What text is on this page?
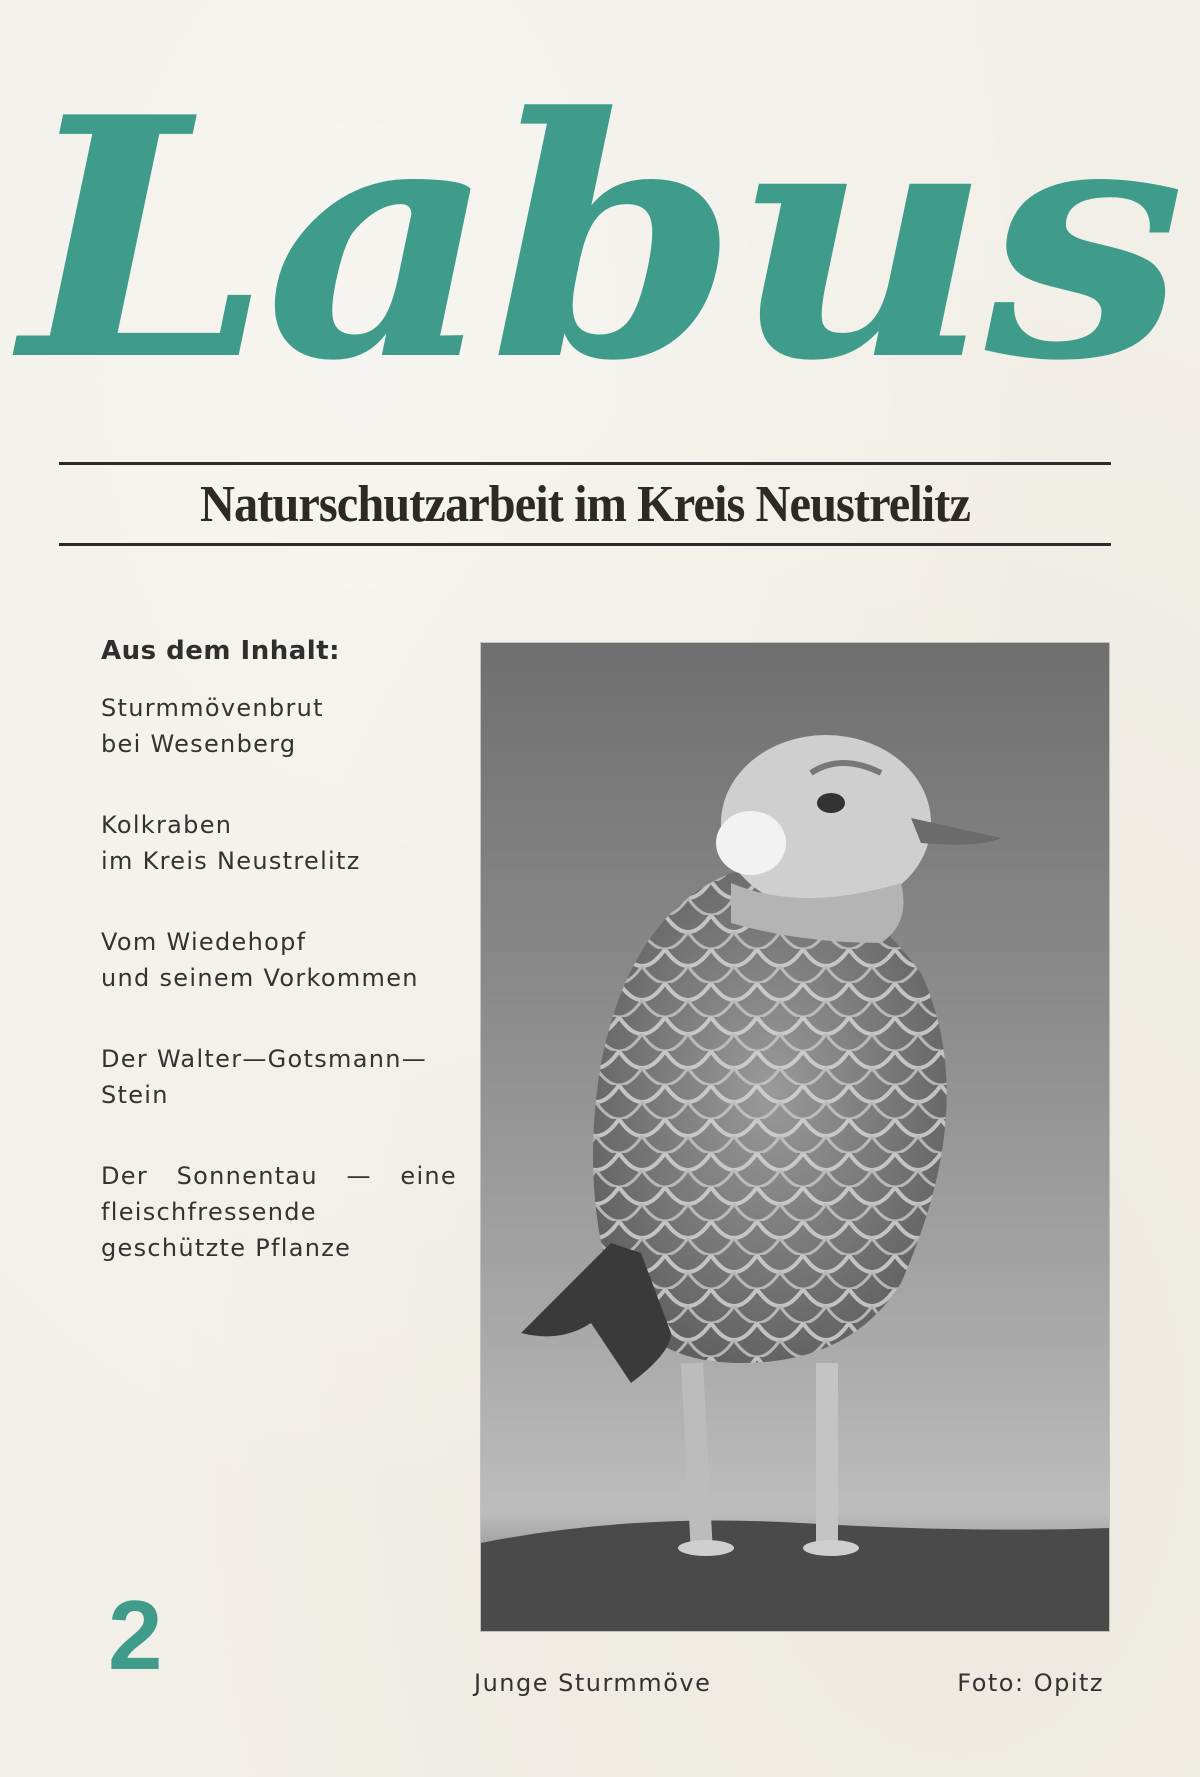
Labus
Naturschutzarbeit im Kreis Neustrelitz
Aus dem Inhalt:
Sturmmövenbrut
bei Wesenberg
Kolkraben
im Kreis Neustrelitz
Vom Wiedehopf
und seinem Vorkommen
Der Walter—Gotsmann—
Stein
Der Sonnentau — eine fleischfressende geschützte Pflanze
2	Junge Sturmmöve	Foto: Opitz
